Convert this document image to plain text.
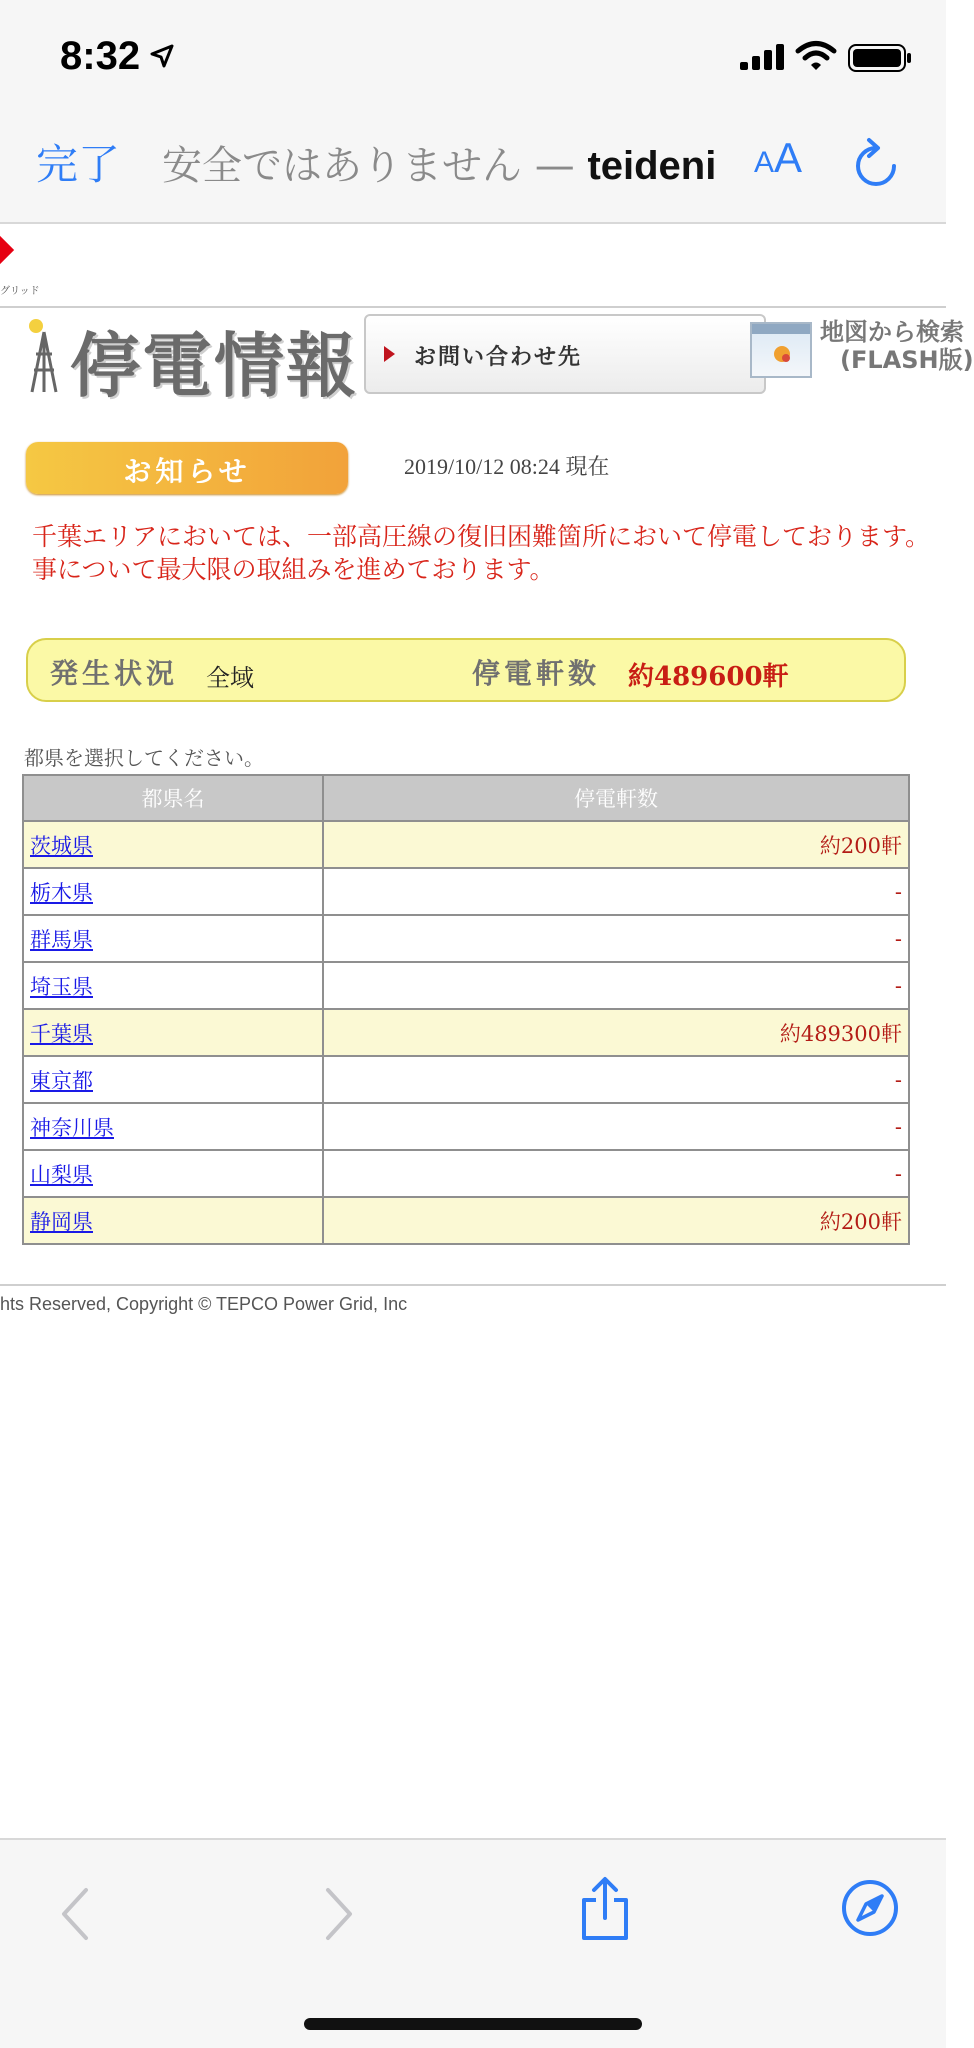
8:32
完了 安全ではありません — teideni AA
グリッド
停電情報	お問い合わせ先
地図から検索
(FLASH版)
お知らせ	2019/10/12 08:24 現在
千葉エリアにおいては、一部高圧線の復旧困難箇所において停電しております。
事について最大限の取組みを進めております。
発生状況 全域	停電軒数 約489600軒
都県を選択してください。
都県名	停電軒数
茨城県	約200軒
栃木県	-
群馬県	-
埼玉県	-
千葉県	約489300軒
東京都	-
神奈川県	-
山梨県	-
静岡県	約200軒
hts Reserved, Copyright © TEPCO Power Grid, Inc
